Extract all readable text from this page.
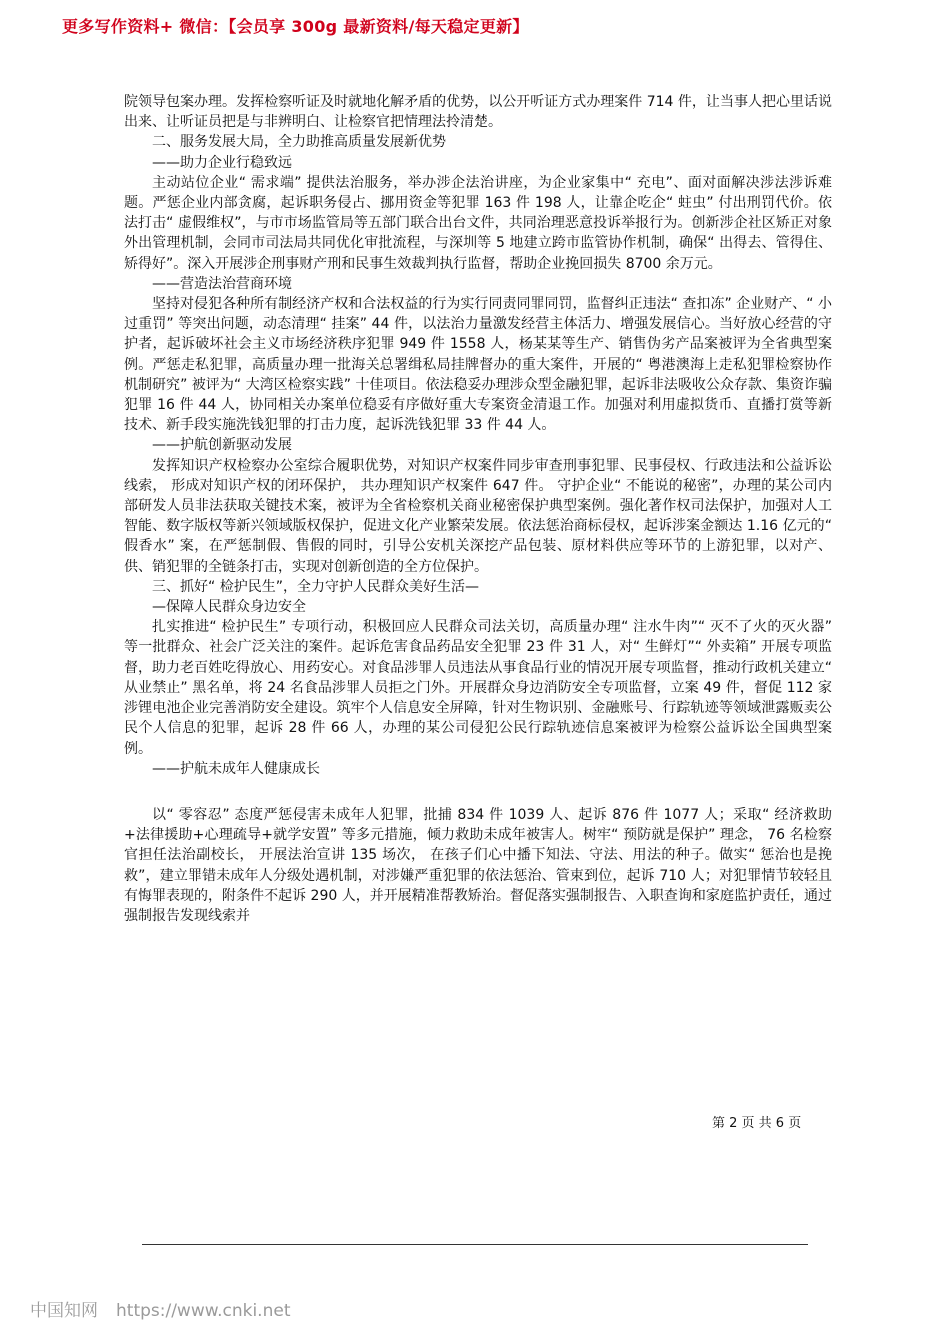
更多写作资料+ 微信：【会员享 300g 最新资料/每天稳定更新】

院领导包案办理。发挥检察听证及时就地化解矛盾的优势，以公开听证方式办理案件 714 件，让当事人把心里话说出来、让听证员把是与非辨明白、让检察官把情理法拎清楚。

二、服务发展大局，全力助推高质量发展新优势

——助力企业行稳致远

主动站位企业“ 需求端” 提供法治服务，举办涉企法治讲座，为企业家集中“ 充电”、面对面解决涉法涉诉难题。严惩企业内部贪腐，起诉职务侵占、挪用资金等犯罪 163 件 198 人，让靠企吃企“ 蛀虫” 付出刑罚代价。依法打击“ 虚假维权”，与市市场监管局等五部门联合出台文件，共同治理恶意投诉举报行为。创新涉企社区矫正对象外出管理机制，会同市司法局共同优化审批流程，与深圳等 5 地建立跨市监管协作机制，确保“ 出得去、管得住、矫得好”。深入开展涉企刑事财产刑和民事生效裁判执行监督，帮助企业挽回损失 8700 余万元。

——营造法治营商环境

坚持对侵犯各种所有制经济产权和合法权益的行为实行同责同罪同罚，监督纠正违法“ 查扣冻” 企业财产、“ 小过重罚” 等突出问题，动态清理“ 挂案” 44 件，以法治力量激发经营主体活力、增强发展信心。当好放心经营的守护者，起诉破坏社会主义市场经济秩序犯罪 949 件 1558 人，杨某某等生产、销售伪劣产品案被评为全省典型案例。严惩走私犯罪，高质量办理一批海关总署缉私局挂牌督办的重大案件，开展的“ 粤港澳海上走私犯罪检察协作机制研究” 被评为“ 大湾区检察实践” 十佳项目。依法稳妥办理涉众型金融犯罪，起诉非法吸收公众存款、集资诈骗犯罪 16 件 44 人，协同相关办案单位稳妥有序做好重大专案资金清退工作。加强对利用虚拟货币、直播打赏等新技术、新手段实施洗钱犯罪的打击力度，起诉洗钱犯罪 33 件 44 人。

——护航创新驱动发展

发挥知识产权检察办公室综合履职优势，对知识产权案件同步审查刑事犯罪、民事侵权、行政违法和公益诉讼线索， 形成对知识产权的闭环保护， 共办理知识产权案件 647 件。 守护企业“ 不能说的秘密”，办理的某公司内部研发人员非法获取关键技术案，被评为全省检察机关商业秘密保护典型案例。强化著作权司法保护，加强对人工智能、数字版权等新兴领域版权保护，促进文化产业繁荣发展。依法惩治商标侵权，起诉涉案金额达 1.16 亿元的“ 假香水” 案，在严惩制假、售假的同时，引导公安机关深挖产品包装、原材料供应等环节的上游犯罪，以对产、供、销犯罪的全链条打击，实现对创新创造的全方位保护。

三、抓好“ 检护民生”，全力守护人民群众美好生活—

—保障人民群众身边安全

扎实推进“ 检护民生” 专项行动，积极回应人民群众司法关切，高质量办理“ 注水牛肉”“ 灭不了火的灭火器” 等一批群众、社会广泛关注的案件。起诉危害食品药品安全犯罪 23 件 31 人，对“ 生鲜灯”“ 外卖箱” 开展专项监督，助力老百姓吃得放心、用药安心。对食品涉罪人员违法从事食品行业的情况开展专项监督，推动行政机关建立“ 从业禁止” 黑名单，将 24 名食品涉罪人员拒之门外。开展群众身边消防安全专项监督，立案 49 件，督促 112 家涉锂电池企业完善消防安全建设。筑牢个人信息安全屏障，针对生物识别、金融账号、行踪轨迹等领域泄露贩卖公民个人信息的犯罪，起诉 28 件 66 人，办理的某公司侵犯公民行踪轨迹信息案被评为检察公益诉讼全国典型案例。

——护航未成年人健康成长

以“ 零容忍” 态度严惩侵害未成年人犯罪，批捕 834 件 1039 人、起诉 876 件 1077 人；采取“ 经济救助+法律援助+心理疏导+就学安置” 等多元措施，倾力救助未成年被害人。树牢“ 预防就是保护” 理念， 76 名检察官担任法治副校长， 开展法治宣讲 135 场次， 在孩子们心中播下知法、守法、用法的种子。做实“ 惩治也是挽救”，建立罪错未成年人分级处遇机制，对涉嫌严重犯罪的依法惩治、管束到位，起诉 710 人；对犯罪情节较轻且有悔罪表现的，附条件不起诉 290 人，并开展精准帮教矫治。督促落实强制报告、入职查询和家庭监护责任，通过强制报告发现线索并

第 2 页 共 6 页
中国知网 https://www.cnki.net
